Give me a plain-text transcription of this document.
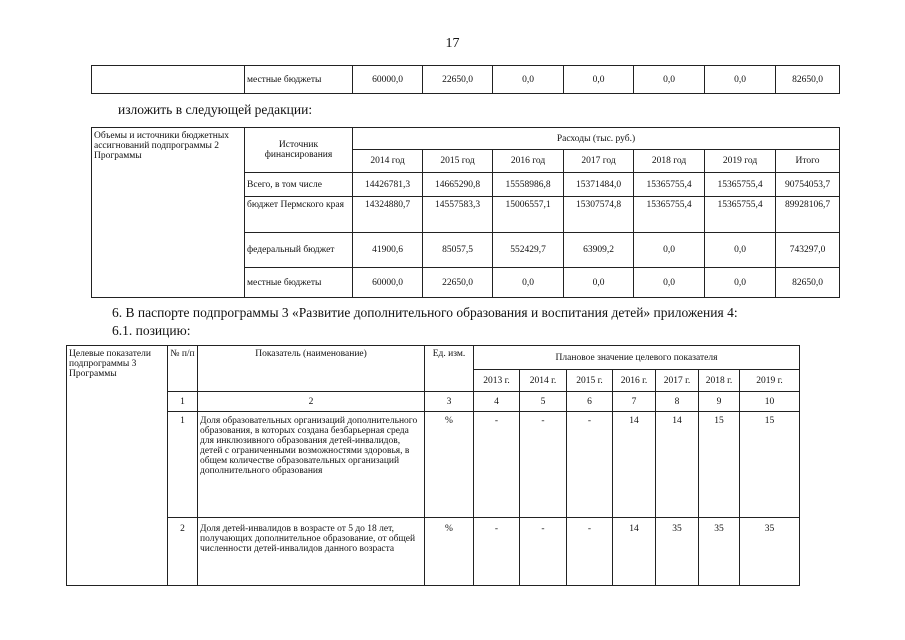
17
	местные бюджеты	60000,0	22650,0	0,0	0,0	0,0	0,0	82650,0
изложить в следующей редакции:
Объемы и источники бюджетных ассигнований подпрограммы 2 Программы	Источник финансирования	Расходы (тыс. руб.)						
		2014 год	2015 год	2016 год	2017 год	2018 год	2019 год	Итого
	Всего, в том числе	14426781,3	14665290,8	15558986,8	15371484,0	15365755,4	15365755,4	90754053,7
	бюджет Пермского края	14324880,7	14557583,3	15006557,1	15307574,8	15365755,4	15365755,4	89928106,7
	федеральный бюджет	41900,6	85057,5	552429,7	63909,2	0,0	0,0	743297,0
	местные бюджеты	60000,0	22650,0	0,0	0,0	0,0	0,0	82650,0
6. В паспорте подпрограммы 3 «Развитие дополнительного образования и воспитания детей» приложения 4:
6.1. позицию:
Целевые показатели подпрограммы 3 Программы	№ п/п	Показатель (наименование)	Ед. изм.	Плановое значение целевого показателя						
				2013 г.	2014 г.	2015 г.	2016 г.	2017 г.	2018 г.	2019 г.
	1	2	3	4	5	6	7	8	9	10
	1	Доля образовательных организаций дополнительного образования, в которых создана безбарьерная среда для инклюзивного образования детей-инвалидов, детей с ограниченными возможностями здоровья, в общем количестве образовательных организаций дополнительного образования	%	-	-	-	14	14	15	15
	2	Доля детей-инвалидов в возрасте от 5 до 18 лет, получающих дополнительное образование, от общей численности детей-инвалидов данного возраста	%	-	-	-	14	35	35	35
